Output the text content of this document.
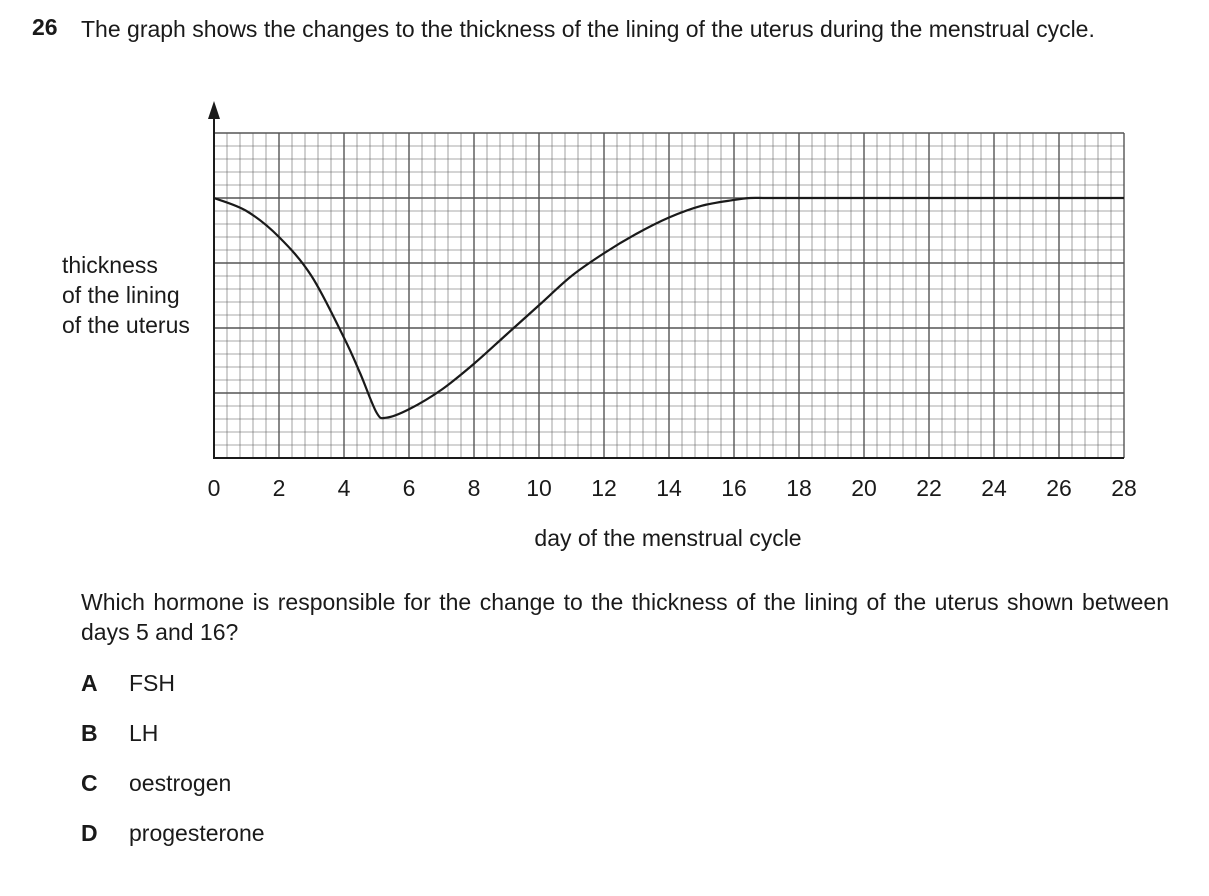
26 The graph shows the changes to the thickness of the lining of the uterus during the menstrual cycle.
thickness
of the lining
of the uterus
0 2 4 6 8 10 12 14 16 18 20 22 24 26 28
day of the menstrual cycle
Which hormone is responsible for the change to the thickness of the lining of the uterus shown between days 5 and 16?
A	FSH
B	LH
C	oestrogen
D	progesterone
